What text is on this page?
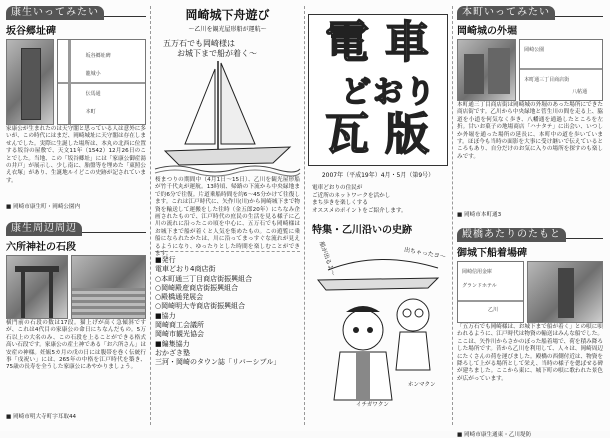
康生いってみたい
坂谷郷址碑
坂谷郷址碑
龍城小
伝馬通
本町
家康公が生まれたのは天守閣と思っている人は意外に多いが、この時代にはまだ、岡崎城址に天守閣は存在しませんでした。実際に生誕した場所は、本丸の北西に位置する坂谷の屋敷で、天文11年（1542）12月26日のことでした。当地、この「坂谷郷址」には「家康公御産湯の井戸」が展示し、少し南に、胎盤等を埋めた「東照公え衣塚」があり、生誕地ルイどこの史跡が記されています。
■ 岡崎市康生町・岡崎公園内
康生周辺周辺
六所神社の石段
横門前の石段の数は17段。猫上げが高く急傾斜ですが、これは4代目の家康公の命日にちなんだもの。5万石以上の大名のみ、この石段を上ることができる格式高い石段です。家康公の産土神である「お六所さん」は安産の神様。妊娠5カ月の戊の日には腹帯を巻く伝統行事「戌祝い」には、265年の中格を江戸時代を築き、75歳の長寿を全うした家康公にあやかりましょう。
■ 岡崎市明大寺町字耳取44
岡崎城下舟遊び
〜乙川を観光屋形船が運航〜
五万石でも岡崎様は
お城下まで船が着く〜
桜まつりの期間中（4月1日〜15日）、乙川を観光屋形船が竹千代丸が運航。13時頃、帰路の下流から中央緑地まで約6分で往復。片道乗船時間を約6〜45分かけて往復します。これは江戸時代に、矢作川(川)から岡崎城下まで物資を輸送して運搬をした往時（金五郎20年）にちなみ企画されたもので、江戸時代の庶民の生活を見る様子に乙川の流れに沿ったこの頃を中心に、五万石でも岡崎様はお城下まで船が着くと人気を集めたもの。この遊覧に乗船になられたかたは、川に沿ってまっすぐな流れが見えるようになり、ゆったりとした時間を楽しむことができます。
■発行
電車どおり4商店街
○本町通三丁目商店街振興組合
○岡崎殿産商店街振興組合
○殿橋通発展会
○岡崎明大寺商店街振興組合
■協力
岡崎商工会議所
岡崎市観光協会
■編集協力
おかざき塾
三河・岡崎のタウン誌「リバーシブル」
電 車
ど お り
瓦 版
2007年（平成19年）4月・5月（第9号）
電車どおりの住民が
ご近所のネットワークを活かし
まち歩きを楽しくする
オススメのポイントをご紹介します。
特集・乙川沿いの史跡
出ちゃったヨ〜
船が出るよ〜
ホンマクン
イチガワクン
本町いってみたい
岡崎城の外堀
岡崎公園
本町通三丁目商店街
八帖通
本町通三丁目商店街は岡崎城の外堀のあった場所にできた商店街です。乙川から中央緑地と菅生川の間を走る上、脇道を小道を何気なく歩き、八幡通を通過したところを左折。甘いお菓子の地場商店「ハナタテ」に出会い、いつしか外堀を通った場所の延長に、本町中の道を歩いています。ほぼ今も当時の面影を大事に受け継いで伝えているところもあり、自分だけのお気に入りの場所を探すのも楽しみです。
■ 岡崎市本町通3
殿橋あたりのたもと
御城下船着場碑
岡崎信用金庫
グランドホテル
乙川
「五万石でも岡崎様は、お城下まで船が着く」との唄に唄われるように、江戸時代は物資の輸送はみんな船でした。ここは、矢作川からさかのぼった船着場で、荷を積み降ろした場所です。昔から乙川を利用して、人々は、岡崎周辺にたくさんの荷を運びました。殿橋の西側付近は、物資を降ろして上がる場所として栄え、当時の様子を偲ばせる碑が建ちました。ここから東に、城下町の唄に歌われた景色が広がっています。
■ 岡崎市康生通東・乙川堤防
